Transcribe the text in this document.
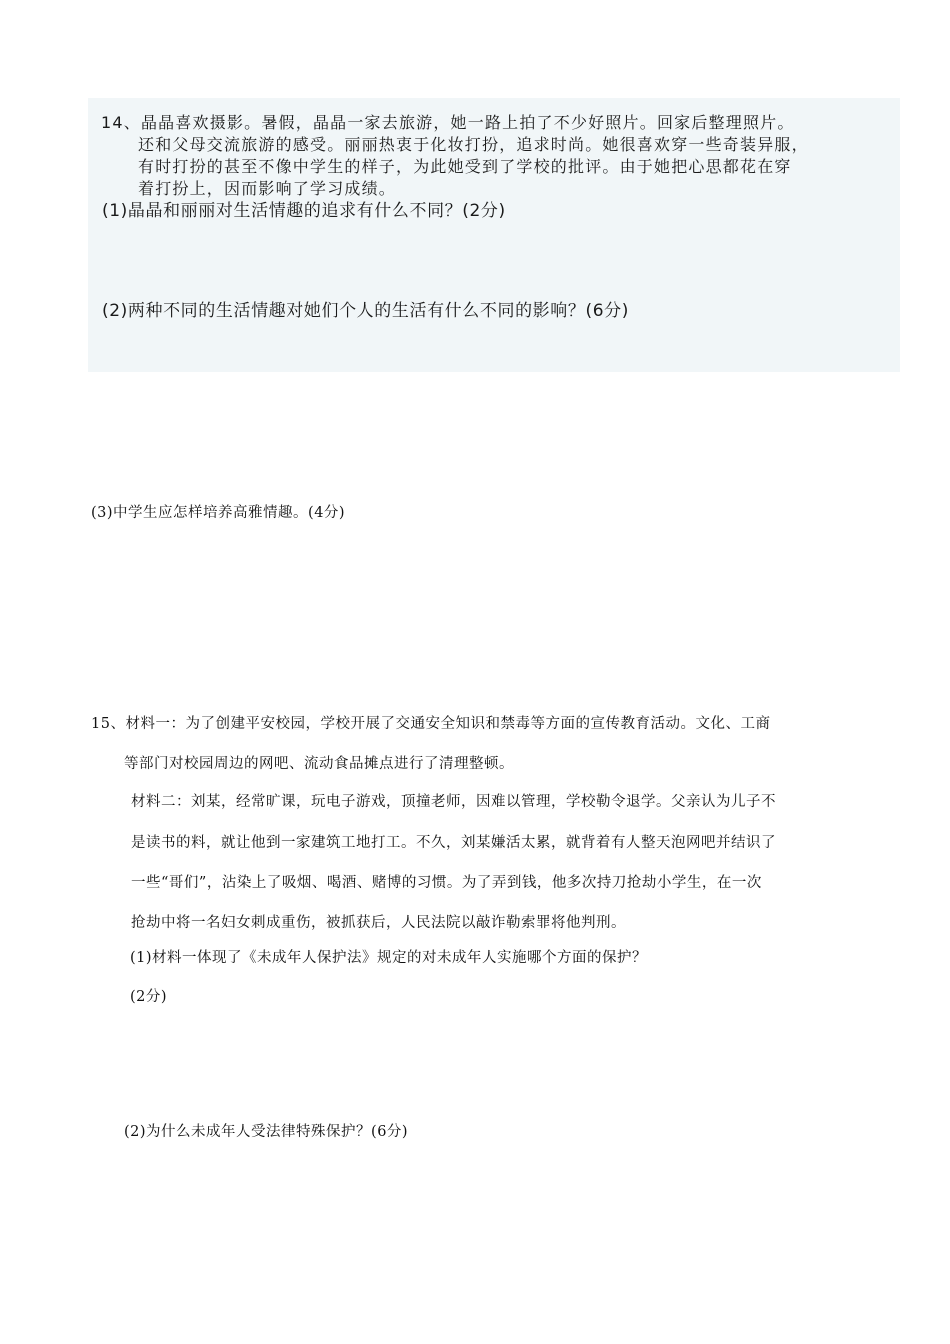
14、晶晶喜欢摄影。暑假，晶晶一家去旅游，她一路上拍了不少好照片。回家后整理照片。

还和父母交流旅游的感受。丽丽热衷于化妆打扮，追求时尚。她很喜欢穿一些奇装异服，

有时打扮的甚至不像中学生的样子，为此她受到了学校的批评。由于她把心思都花在穿

着打扮上，因而影响了学习成绩。

(1)晶晶和丽丽对生活情趣的追求有什么不同？(2分)

(2)两种不同的生活情趣对她们个人的生活有什么不同的影响？(6分)

(3)中学生应怎样培养高雅情趣。(4分)

15、材料一：为了创建平安校园，学校开展了交通安全知识和禁毒等方面的宣传教育活动。文化、工商

等部门对校园周边的网吧、流动食品摊点进行了清理整顿。

材料二：刘某，经常旷课，玩电子游戏，顶撞老师，因难以管理，学校勒令退学。父亲认为儿子不

是读书的料，就让他到一家建筑工地打工。不久，刘某嫌活太累，就背着有人整天泡网吧并结识了

一些“哥们”，沾染上了吸烟、喝酒、赌博的习惯。为了弄到钱，他多次持刀抢劫小学生，在一次

抢劫中将一名妇女刺成重伤，被抓获后，人民法院以敲诈勒索罪将他判刑。

(1)材料一体现了《未成年人保护法》规定的对未成年人实施哪个方面的保护？

(2分)

(2)为什么未成年人受法律特殊保护？(6分)
